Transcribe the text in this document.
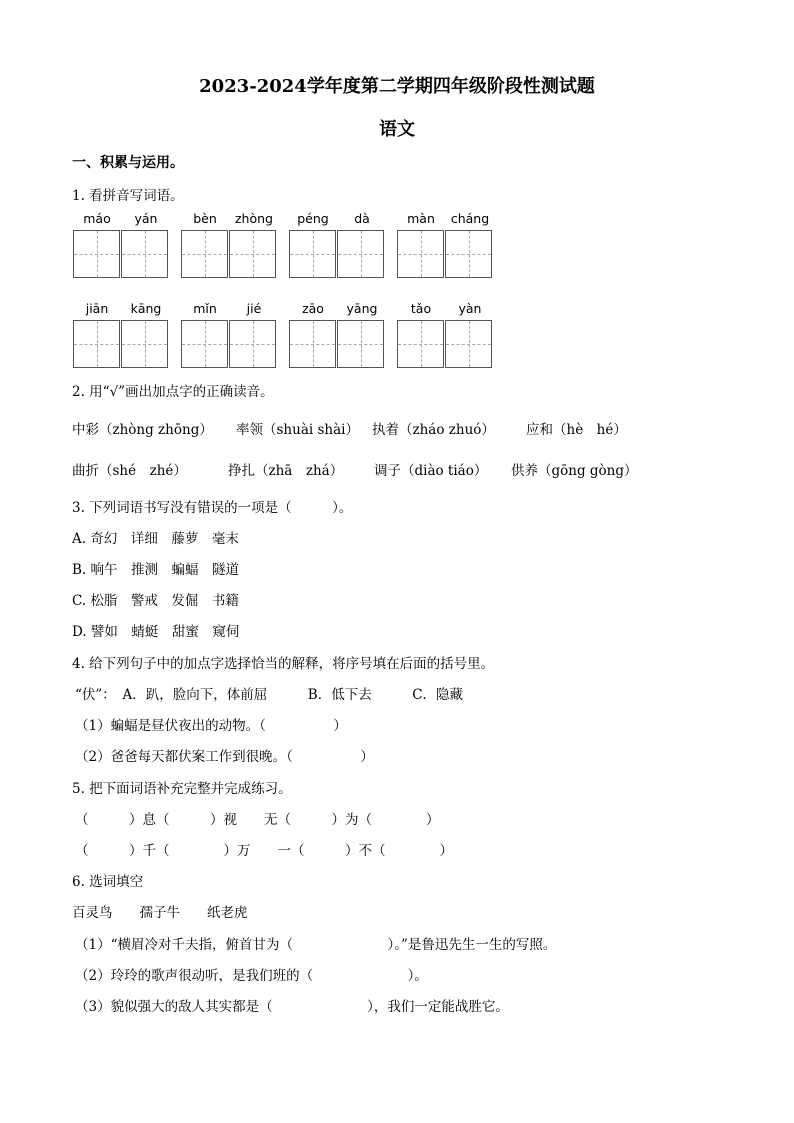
2023-2024学年度第二学期四年级阶段性测试题
语文
一、积累与运用。
1. 看拼音写词语。
máo	yán	bèn	zhòng	péng	dà	màn	cháng
jiān	kāng	mǐn	jié	zāo	yāng	tǎo	yàn
2. 用“√”画出加点字的正确读音。
中彩（zhòng zhōng） 率领（shuài shài） 执着（zháo zhuó） 应和（hè　hé）
曲折（shé　zhé）	挣扎（zhā　zhá） 调子（diào tiáo） 供养（gōng gòng）
3. 下列词语书写没有错误的一项是（　　　）。
A. 奇幻　详细　藤萝　毫末
B. 响午　推测　蝙蝠　隧道
C. 松脂　警戒　发倔　书籍
D. 譬如　蜻蜓　甜蜜　窥伺
4. 给下列句子中的加点字选择恰当的解释，将序号填在后面的括号里。
“伏”：　A．趴，脸向下，体前屈　　　B．低下去　　　C．隐藏
（1）蝙蝠是昼伏夜出的动物。（　　　　　）
（2）爸爸每天都伏案工作到很晚。（　　　　　）
5. 把下面词语补充完整并完成练习。
（　　　）息（　　　）视　　无（　　　）为（　　　　）
（　　　）千（　　　　）万　　一（　　　）不（　　　　）
6. 选词填空
百灵鸟　　孺子牛　　纸老虎
（1）“横眉冷对千夫指，俯首甘为（　　　　　　　）。”是鲁迅先生一生的写照。
（2）玲玲的歌声很动听，是我们班的（　　　　　　　）。
（3）貌似强大的敌人其实都是（　　　　　　　），我们一定能战胜它。
